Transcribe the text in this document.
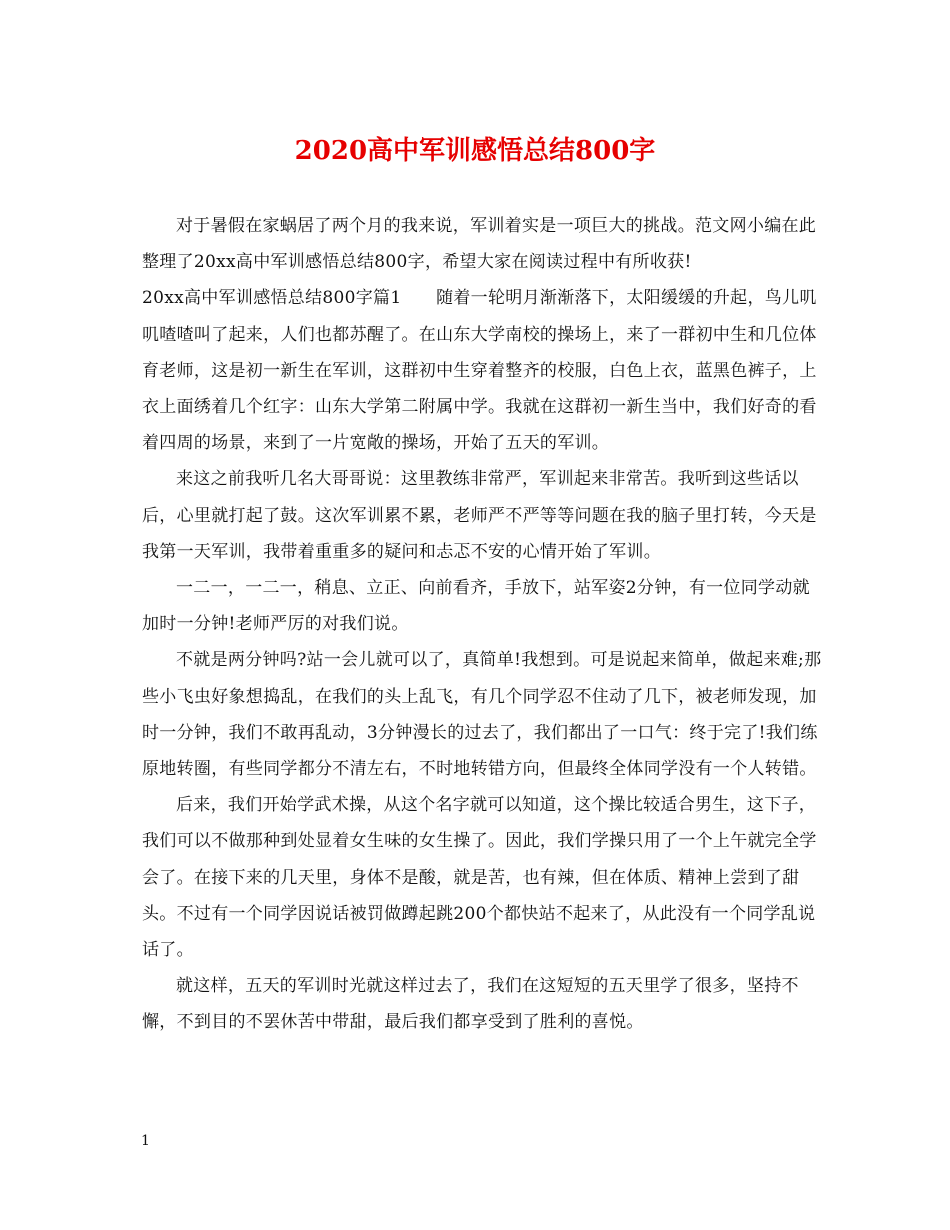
2020高中军训感悟总结800字

对于暑假在家蜗居了两个月的我来说，军训着实是一项巨大的挑战。范文网小编在此整理了20xx高中军训感悟总结800字，希望大家在阅读过程中有所收获!

20xx高中军训感悟总结800字篇1　　随着一轮明月渐渐落下，太阳缓缓的升起，鸟儿叽叽喳喳叫了起来，人们也都苏醒了。在山东大学南校的操场上，来了一群初中生和几位体育老师，这是初一新生在军训，这群初中生穿着整齐的校服，白色上衣，蓝黑色裤子，上衣上面绣着几个红字：山东大学第二附属中学。我就在这群初一新生当中，我们好奇的看着四周的场景，来到了一片宽敞的操场，开始了五天的军训。

来这之前我听几名大哥哥说：这里教练非常严，军训起来非常苦。我听到这些话以后，心里就打起了鼓。这次军训累不累，老师严不严等等问题在我的脑子里打转，今天是我第一天军训，我带着重重多的疑问和忐忑不安的心情开始了军训。

一二一，一二一，稍息、立正、向前看齐，手放下，站军姿2分钟，有一位同学动就加时一分钟!老师严厉的对我们说。

不就是两分钟吗?站一会儿就可以了，真简单!我想到。可是说起来简单，做起来难;那些小飞虫好象想捣乱，在我们的头上乱飞，有几个同学忍不住动了几下，被老师发现，加时一分钟，我们不敢再乱动，3分钟漫长的过去了，我们都出了一口气：终于完了!我们练原地转圈，有些同学都分不清左右，不时地转错方向，但最终全体同学没有一个人转错。

后来，我们开始学武术操，从这个名字就可以知道，这个操比较适合男生，这下子，我们可以不做那种到处显着女生味的女生操了。因此，我们学操只用了一个上午就完全学会了。在接下来的几天里，身体不是酸，就是苦，也有辣，但在体质、精神上尝到了甜头。不过有一个同学因说话被罚做蹲起跳200个都快站不起来了，从此没有一个同学乱说话了。

就这样，五天的军训时光就这样过去了，我们在这短短的五天里学了很多，坚持不懈，不到目的不罢休苦中带甜，最后我们都享受到了胜利的喜悦。

1
